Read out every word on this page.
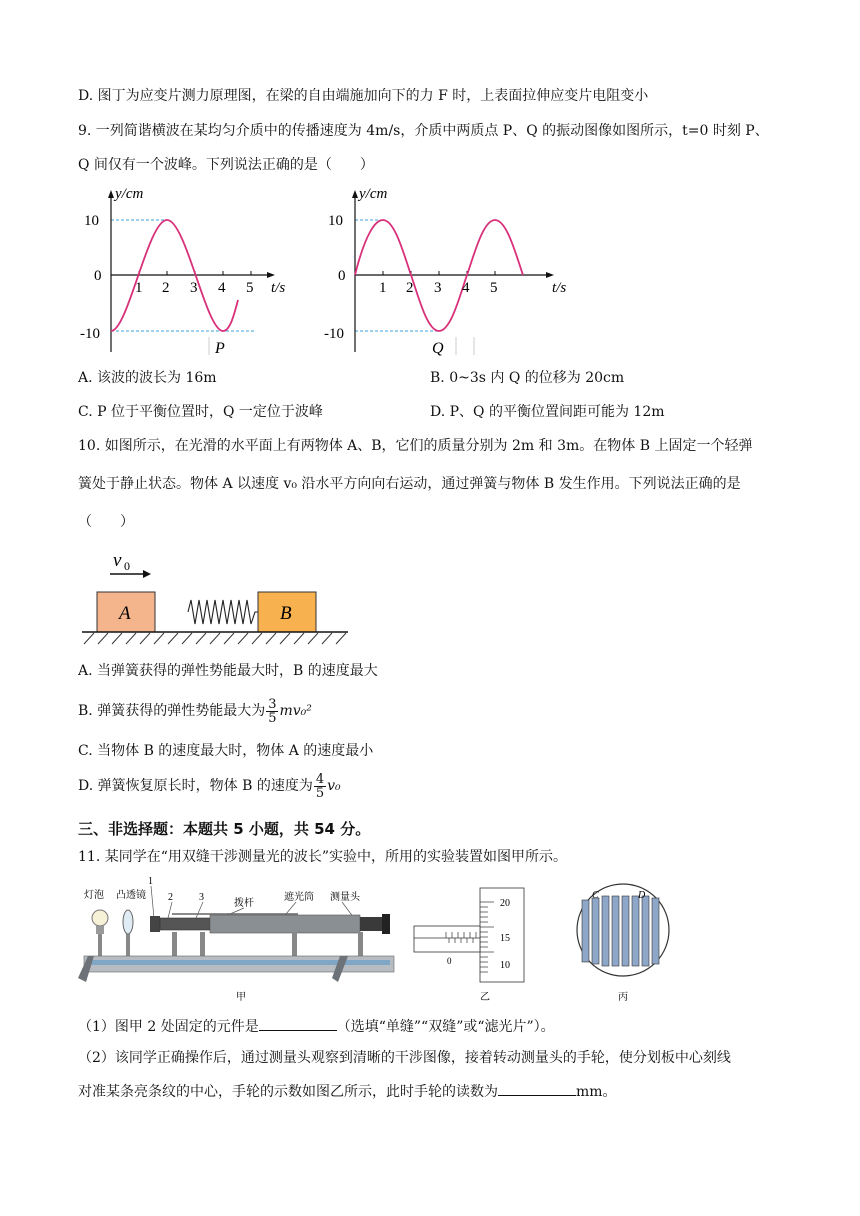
D. 图丁为应变片测力原理图，在梁的自由端施加向下的力 F 时，上表面拉伸应变片电阻变小
9. 一列简谐横波在某均匀介质中的传播速度为 4m/s，介质中两质点 P、Q 的振动图像如图所示，t=0 时刻 P、
Q 间仅有一个波峰。下列说法正确的是（　　）
y/cm
10
0
-10
1 2 3 4 5 t/s
P
y/cm
10
0
-10
1 2 3 4 5	t/s
Q
A. 该波的波长为 16m	B. 0~3s 内 Q 的位移为 20cm
C. P 位于平衡位置时，Q 一定位于波峰	D. P、Q 的平衡位置间距可能为 12m
10. 如图所示，在光滑的水平面上有两物体 A、B，它们的质量分别为 2m 和 3m。在物体 B 上固定一个轻弹
簧处于静止状态。物体 A 以速度 v₀ 沿水平方向向右运动，通过弹簧与物体 B 发生作用。下列说法正确的是
（　　）
v 0
A	B
A. 当弹簧获得的弹性势能最大时，B 的速度最大
B. 弹簧获得的弹性势能最大为 $\frac{3}{5} mv_0^2$
C. 当物体 B 的速度最大时，物体 A 的速度最小
D. 弹簧恢复原长时，物体 B 的速度为 $\frac{4}{5} v_0$
三、非选择题：本题共 5 小题，共 54 分。
11. 某同学在“用双缝干涉测量光的波长”实验中，所用的实验装置如图甲所示。
灯泡 凸透镜
1
2	3
拨杆
遮光筒 测量头
甲
20
15
10
0
乙
C	D
丙
（1）图甲 2 处固定的元件是	（选填“单缝”“双缝”或“滤光片”）。
（2）该同学正确操作后，通过测量头观察到清晰的干涉图像，接着转动测量头的手轮，使分划板中心刻线
对准某条亮条纹的中心，手轮的示数如图乙所示，此时手轮的读数为	mm。
